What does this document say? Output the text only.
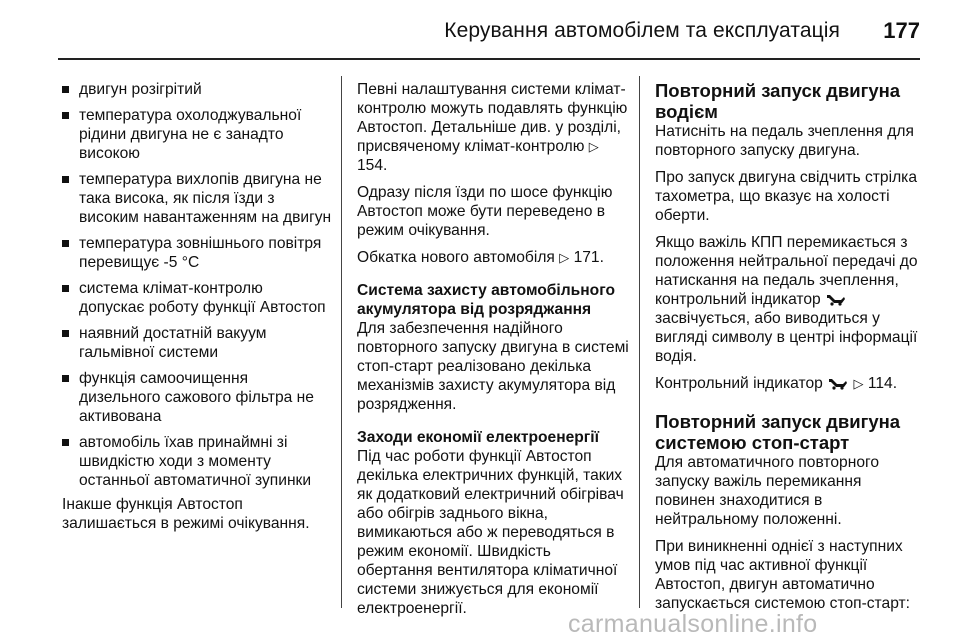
Керування автомобілем та експлуатація 177
двигун розігрітий
температура охолоджувальної рідини двигуна не є занадто високою
температура вихлопів двигуна не така висока, як після їзди з високим навантаженням на двигун
температура зовнішнього повітря перевищує -5 °C
система клімат-контролю допускає роботу функції Автостоп
наявний достатній вакуум гальмівної системи
функція самоочищення дизельного сажового фільтра не активована
автомобіль їхав принаймні зі швидкістю ходи з моменту останньої автоматичної зупинки

Інакше функція Автостоп залишається в режимі очікування.

Певні налаштування системи клімат-контролю можуть подавлять функцію Автостоп. Детальніше див. у розділі, присвяченому клімат-контролю ▷ 154.

Одразу після їзди по шосе функцію Автостоп може бути переведено в режим очікування.

Обкатка нового автомобіля ▷ 171.

Система захисту автомобільного акумулятора від розряджання

Для забезпечення надійного повторного запуску двигуна в системі стоп-старт реалізовано декілька механізмів захисту акумулятора від розрядження.

Заходи економії електроенергії

Під час роботи функції Автостоп декілька електричних функцій, таких як додатковий електричний обігрівач або обігрів заднього вікна, вимикаються або ж переводяться в режим економії. Швидкість обертання вентилятора кліматичної системи знижується для економії електроенергії.

Повторний запуск двигуна водієм

Натисніть на педаль зчеплення для повторного запуску двигуна.

Про запуск двигуна свідчить стрілка тахометра, що вказує на холості оберти.

Якщо важіль КПП перемикається з положення нейтральної передачі до натискання на педаль зчеплення, контрольний індикатор  засвічується, або виводиться у вигляді символу в центрі інформації водія.

Контрольний індикатор ▷ 114.

Повторний запуск двигуна системою стоп-старт

Для автоматичного повторного запуску важіль перемикання повинен знаходитися в нейтральному положенні.

При виникненні однієї з наступних умов під час активної функції Автостоп, двигун автоматично запускається системою стоп-старт:

carmanualsonline.info
